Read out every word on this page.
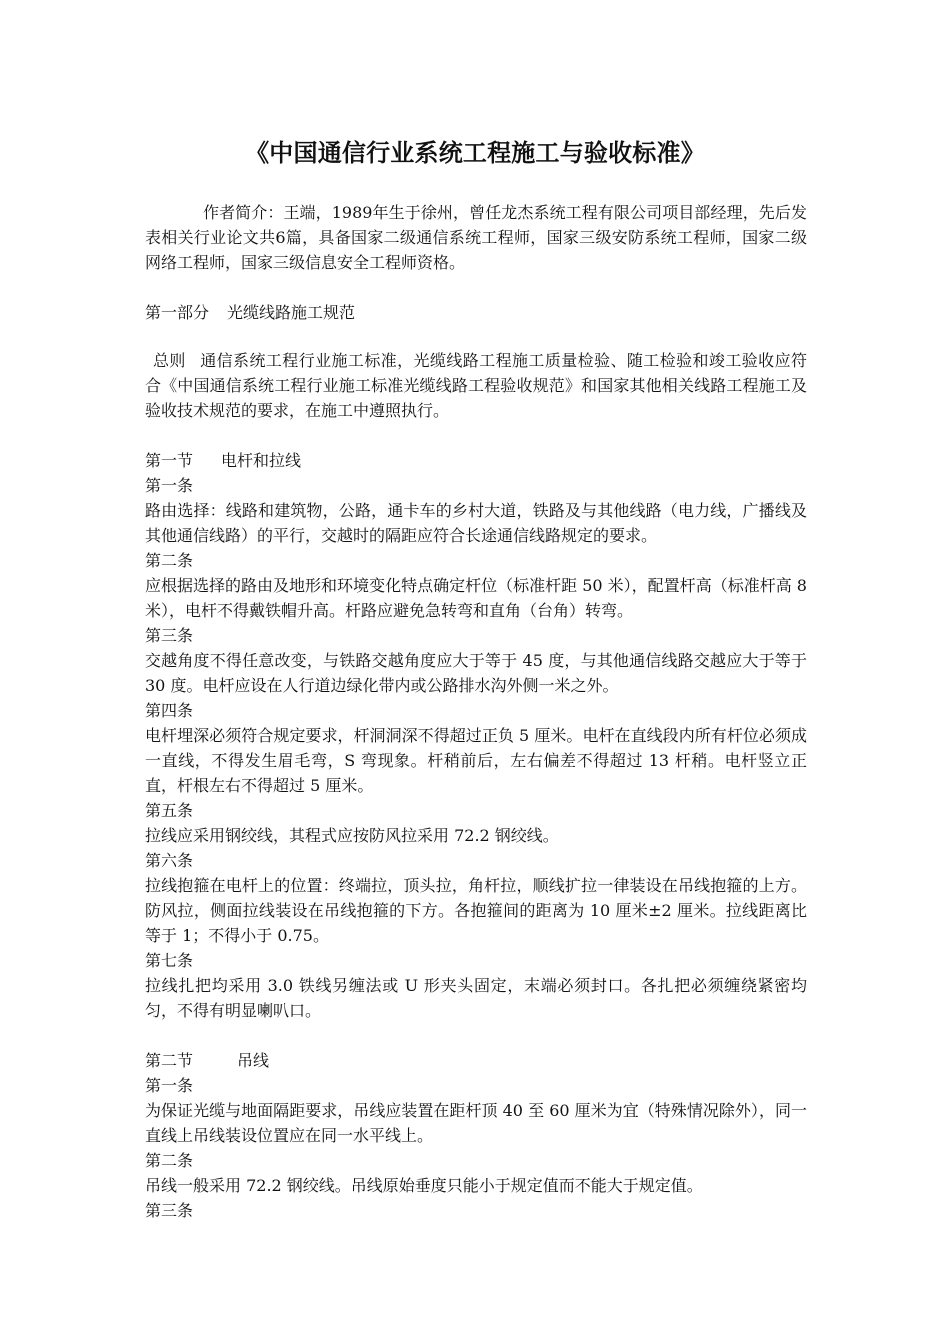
《中国通信行业系统工程施工与验收标准》

作者简介：王端，1989年生于徐州，曾任龙杰系统工程有限公司项目部经理，先后发表相关行业论文共6篇，具备国家二级通信系统工程师，国家三级安防系统工程师，国家二级网络工程师，国家三级信息安全工程师资格。

第一部分 光缆线路施工规范

总则 通信系统工程行业施工标准，光缆线路工程施工质量检验、随工检验和竣工验收应符合《中国通信系统工程行业施工标准光缆线路工程验收规范》和国家其他相关线路工程施工及验收技术规范的要求，在施工中遵照执行。

第一节 电杆和拉线

第一条

路由选择：线路和建筑物，公路，通卡车的乡村大道，铁路及与其他线路（电力线，广播线及其他通信线路）的平行，交越时的隔距应符合长途通信线路规定的要求。

第二条

应根据选择的路由及地形和环境变化特点确定杆位（标准杆距 50 米），配置杆高（标准杆高 8 米），电杆不得戴铁帽升高。杆路应避免急转弯和直角（台角）转弯。

第三条

交越角度不得任意改变，与铁路交越角度应大于等于 45 度，与其他通信线路交越应大于等于 30 度。电杆应设在人行道边绿化带内或公路排水沟外侧一米之外。

第四条

电杆埋深必须符合规定要求，杆洞洞深不得超过正负 5 厘米。电杆在直线段内所有杆位必须成一直线，不得发生眉毛弯，S 弯现象。杆稍前后，左右偏差不得超过 13 杆稍。电杆竖立正直，杆根左右不得超过 5 厘米。

第五条

拉线应采用钢绞线，其程式应按防风拉采用 72.2 钢绞线。

第六条

拉线抱箍在电杆上的位置：终端拉，顶头拉，角杆拉，顺线扩拉一律装设在吊线抱箍的上方。防风拉，侧面拉线装设在吊线抱箍的下方。各抱箍间的距离为 10 厘米±2 厘米。拉线距离比等于 1；不得小于 0.75。

第七条

拉线扎把均采用 3.0 铁线另缠法或 U 形夹头固定，末端必须封口。各扎把必须缠绕紧密均匀，不得有明显喇叭口。

第二节	吊线

第一条

为保证光缆与地面隔距要求，吊线应装置在距杆顶 40 至 60 厘米为宜（特殊情况除外），同一直线上吊线装设位置应在同一水平线上。

第二条

吊线一般采用 72.2 钢绞线。吊线原始垂度只能小于规定值而不能大于规定值。

第三条
